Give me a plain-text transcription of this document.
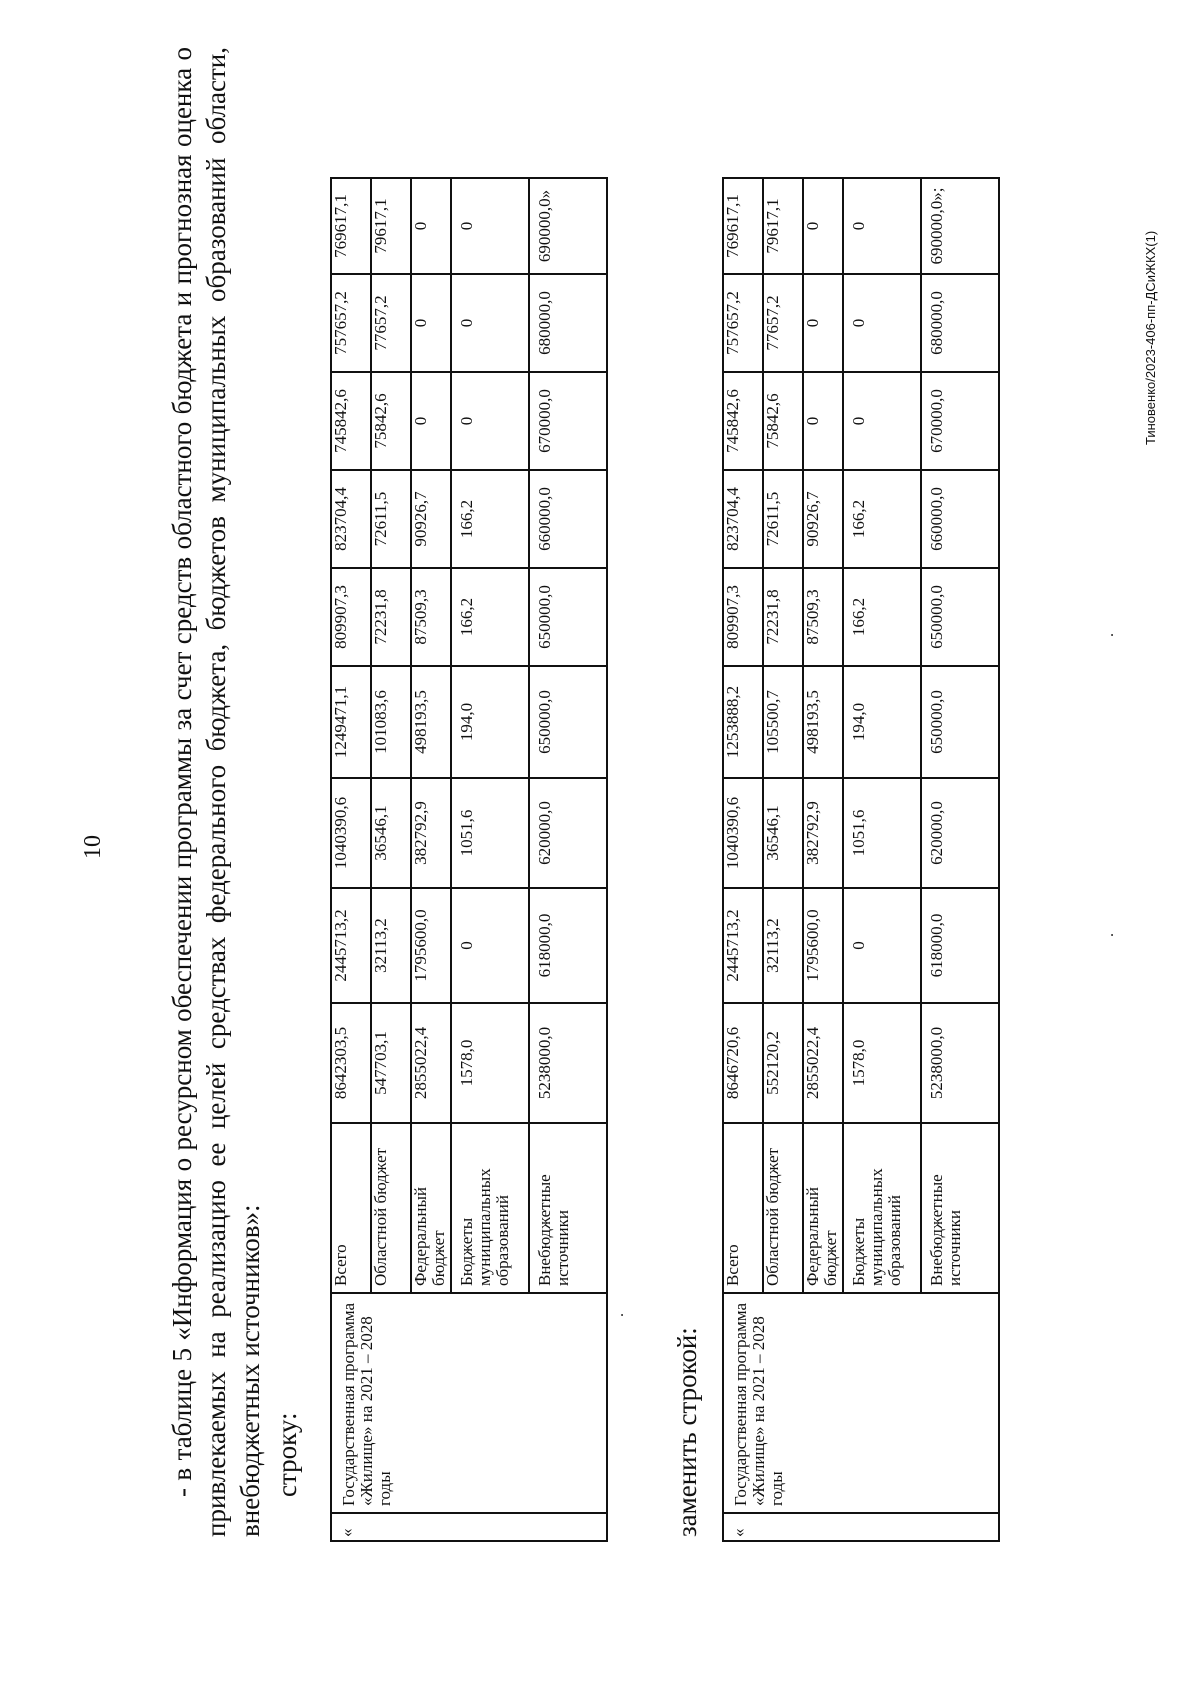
10 - в таблице 5 «Информация о ресурсном обеспечении программы за счет средств областного бюджета и прогнозная оценка о привлекаемых на реализацию ее целей средствах федерального бюджета, бюджетов муниципальных образований области, внебюджетных источников»: строку:
«	Государственная программа «Жилище» на 2021 – 2028 годы	Всего	8642303,5	2445713,2	1040390,6	1249471,1	809907,3	823704,4	745842,6	757657,2	769617,1
		Областной бюджет	547703,1	32113,2	36546,1	101083,6	72231,8	72611,5	75842,6	77657,2	79617,1
		Федеральный бюджет	2855022,4	1795600,0	382792,9	498193,5	87509,3	90926,7	0	0	0
		Бюджеты муниципальных образований	1578,0	0	1051,6	194,0	166,2	166,2	0	0	0
		Внебюджетные источники	5238000,0	618000,0	620000,0	650000,0	650000,0	660000,0	670000,0	680000,0	690000,0»
заменить строкой: «	Государственная программа «Жилище» на 2021 – 2028 годы	Всего	8646720,6	2445713,2	1040390,6	1253888,2	809907,3	823704,4	745842,6	757657,2	769617,1
		Областной бюджет	552120,2	32113,2	36546,1	105500,7	72231,8	72611,5	75842,6	77657,2	79617,1
		Федеральный бюджет	2855022,4	1795600,0	382792,9	498193,5	87509,3	90926,7	0	0	0
		Бюджеты муниципальных образований	1578,0	0	1051,6	194,0	166,2	166,2	0	0	0
		Внебюджетные источники	5238000,0	618000,0	620000,0	650000,0	650000,0	660000,0	670000,0	680000,0	690000,0»;
.
.
.
Тиновенко/2023-406-пп-ДСиЖКХ(1)
